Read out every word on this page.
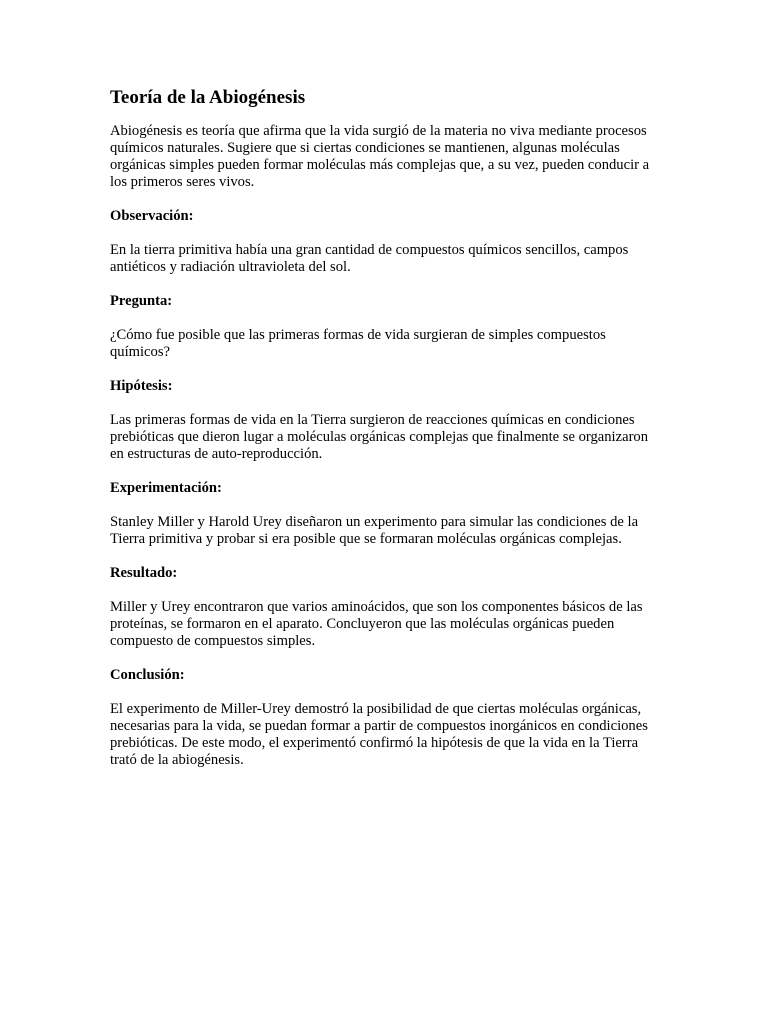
Teoría de la Abiogénesis

Abiogénesis es teoría que afirma que la vida surgió de la materia no viva mediante procesos químicos naturales. Sugiere que si ciertas condiciones se mantienen, algunas moléculas orgánicas simples pueden formar moléculas más complejas que, a su vez, pueden conducir a los primeros seres vivos.

Observación:

En la tierra primitiva había una gran cantidad de compuestos químicos sencillos, campos antiéticos y radiación ultravioleta del sol.

Pregunta:

¿Cómo fue posible que las primeras formas de vida surgieran de simples compuestos químicos?

Hipótesis:

Las primeras formas de vida en la Tierra surgieron de reacciones químicas en condiciones prebióticas que dieron lugar a moléculas orgánicas complejas que finalmente se organizaron en estructuras de auto-reproducción.

Experimentación:

Stanley Miller y Harold Urey diseñaron un experimento para simular las condiciones de la Tierra primitiva y probar si era posible que se formaran moléculas orgánicas complejas.

Resultado:

Miller y Urey encontraron que varios aminoácidos, que son los componentes básicos de las proteínas, se formaron en el aparato. Concluyeron que las moléculas orgánicas pueden compuesto de compuestos simples.

Conclusión:

El experimento de Miller-Urey demostró la posibilidad de que ciertas moléculas orgánicas, necesarias para la vida, se puedan formar a partir de compuestos inorgánicos en condiciones prebióticas. De este modo, el experimentó confirmó la hipótesis de que la vida en la Tierra trató de la abiogénesis.
